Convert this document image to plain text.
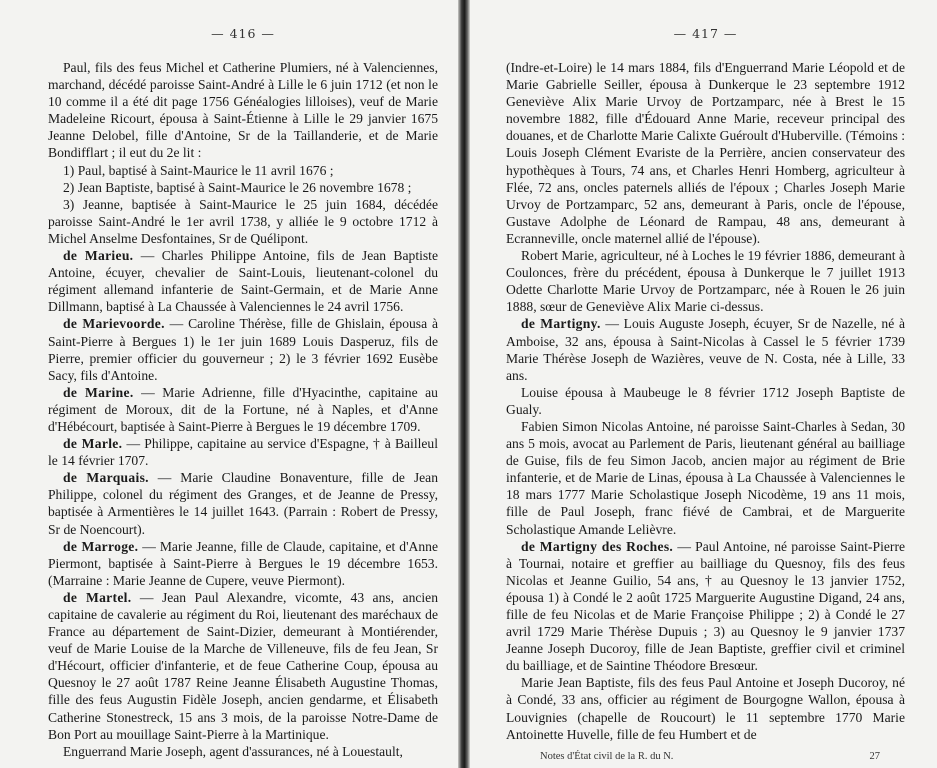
— 416 —

Paul, fils des feus Michel et Catherine Plumiers, né à Valenciennes, marchand, décédé paroisse Saint-André à Lille le 6 juin 1712 (et non le 10 comme il a été dit page 1756 Généalogies lilloises), veuf de Marie Madeleine Ricourt, épousa à Saint-Étienne à Lille le 29 janvier 1675 Jeanne Delobel, fille d'Antoine, Sr de la Taillanderie, et de Marie Bondifflart ; il eut du 2e lit :

1) Paul, baptisé à Saint-Maurice le 11 avril 1676 ;

2) Jean Baptiste, baptisé à Saint-Maurice le 26 novembre 1678 ;

3) Jeanne, baptisée à Saint-Maurice le 25 juin 1684, décédée paroisse Saint-André le 1er avril 1738, y alliée le 9 octobre 1712 à Michel Anselme Desfontaines, Sr de Quélipont.

de Marieu. — Charles Philippe Antoine, fils de Jean Baptiste Antoine, écuyer, chevalier de Saint-Louis, lieutenant-colonel du régiment allemand infanterie de Saint-Germain, et de Marie Anne Dillmann, baptisé à La Chaussée à Valenciennes le 24 avril 1756.

de Marievoorde. — Caroline Thérèse, fille de Ghislain, épousa à Saint-Pierre à Bergues 1) le 1er juin 1689 Louis Dasperuz, fils de Pierre, premier officier du gouverneur ; 2) le 3 février 1692 Eusèbe Sacy, fils d'Antoine.

de Marine. — Marie Adrienne, fille d'Hyacinthe, capitaine au régiment de Moroux, dit de la Fortune, né à Naples, et d'Anne d'Hébécourt, baptisée à Saint-Pierre à Bergues le 19 décembre 1709.

de Marle. — Philippe, capitaine au service d'Espagne, † à Bailleul le 14 février 1707.

de Marquais. — Marie Claudine Bonaventure, fille de Jean Philippe, colonel du régiment des Granges, et de Jeanne de Pressy, baptisée à Armentières le 14 juillet 1643. (Parrain : Robert de Pressy, Sr de Noencourt).

de Marroge. — Marie Jeanne, fille de Claude, capitaine, et d'Anne Piermont, baptisée à Saint-Pierre à Bergues le 19 décembre 1653. (Marraine : Marie Jeanne de Cupere, veuve Piermont).

de Martel. — Jean Paul Alexandre, vicomte, 43 ans, ancien capitaine de cavalerie au régiment du Roi, lieutenant des maréchaux de France au département de Saint-Dizier, demeurant à Montiérender, veuf de Marie Louise de la Marche de Villeneuve, fils de feu Jean, Sr d'Hécourt, officier d'infanterie, et de feue Catherine Coup, épousa au Quesnoy le 27 août 1787 Reine Jeanne Élisabeth Augustine Thomas, fille des feus Augustin Fidèle Joseph, ancien gendarme, et Élisabeth Catherine Stonestreck, 15 ans 3 mois, de la paroisse Notre-Dame de Bon Port au mouillage Saint-Pierre à la Martinique.

Enguerrand Marie Joseph, agent d'assurances, né à Louestault,

— 417 —

(Indre-et-Loire) le 14 mars 1884, fils d'Enguerrand Marie Léopold et de Marie Gabrielle Seiller, épousa à Dunkerque le 23 septembre 1912 Geneviève Alix Marie Urvoy de Portzamparc, née à Brest le 15 novembre 1882, fille d'Édouard Anne Marie, receveur principal des douanes, et de Charlotte Marie Calixte Guéroult d'Huberville. (Témoins : Louis Joseph Clément Evariste de la Perrière, ancien conservateur des hypothèques à Tours, 74 ans, et Charles Henri Homberg, agriculteur à Flée, 72 ans, oncles paternels alliés de l'époux ; Charles Joseph Marie Urvoy de Portzamparc, 52 ans, demeurant à Paris, oncle de l'épouse, Gustave Adolphe de Léonard de Rampau, 48 ans, demeurant à Ecranneville, oncle maternel allié de l'épouse).

Robert Marie, agriculteur, né à Loches le 19 février 1886, demeurant à Coulonces, frère du précédent, épousa à Dunkerque le 7 juillet 1913 Odette Charlotte Marie Urvoy de Portzamparc, née à Rouen le 26 juin 1888, sœur de Geneviève Alix Marie ci-dessus.

de Martigny. — Louis Auguste Joseph, écuyer, Sr de Nazelle, né à Amboise, 32 ans, épousa à Saint-Nicolas à Cassel le 5 février 1739 Marie Thérèse Joseph de Wazières, veuve de N. Costa, née à Lille, 33 ans.

Louise épousa à Maubeuge le 8 février 1712 Joseph Baptiste de Gualy.

Fabien Simon Nicolas Antoine, né paroisse Saint-Charles à Sedan, 30 ans 5 mois, avocat au Parlement de Paris, lieutenant général au bailliage de Guise, fils de feu Simon Jacob, ancien major au régiment de Brie infanterie, et de Marie de Linas, épousa à La Chaussée à Valenciennes le 18 mars 1777 Marie Scholastique Joseph Nicodème, 19 ans 11 mois, fille de Paul Joseph, franc fiévé de Cambrai, et de Marguerite Scholastique Amande Lelièvre.

de Martigny des Roches. — Paul Antoine, né paroisse Saint-Pierre à Tournai, notaire et greffier au bailliage du Quesnoy, fils des feus Nicolas et Jeanne Guilio, 54 ans, † au Quesnoy le 13 janvier 1752, épousa 1) à Condé le 2 août 1725 Marguerite Augustine Digand, 24 ans, fille de feu Nicolas et de Marie Françoise Philippe ; 2) à Condé le 27 avril 1729 Marie Thérèse Dupuis ; 3) au Quesnoy le 9 janvier 1737 Jeanne Joseph Ducoroy, fille de Jean Baptiste, greffier civil et criminel du bailliage, et de Saintine Théodore Bresœur.

Marie Jean Baptiste, fils des feus Paul Antoine et Joseph Ducoroy, né à Condé, 33 ans, officier au régiment de Bourgogne Wallon, épousa à Louvignies (chapelle de Roucourt) le 11 septembre 1770 Marie Antoinette Huvelle, fille de feu Humbert et de

Notes d'État civil de la R. du N.	27
